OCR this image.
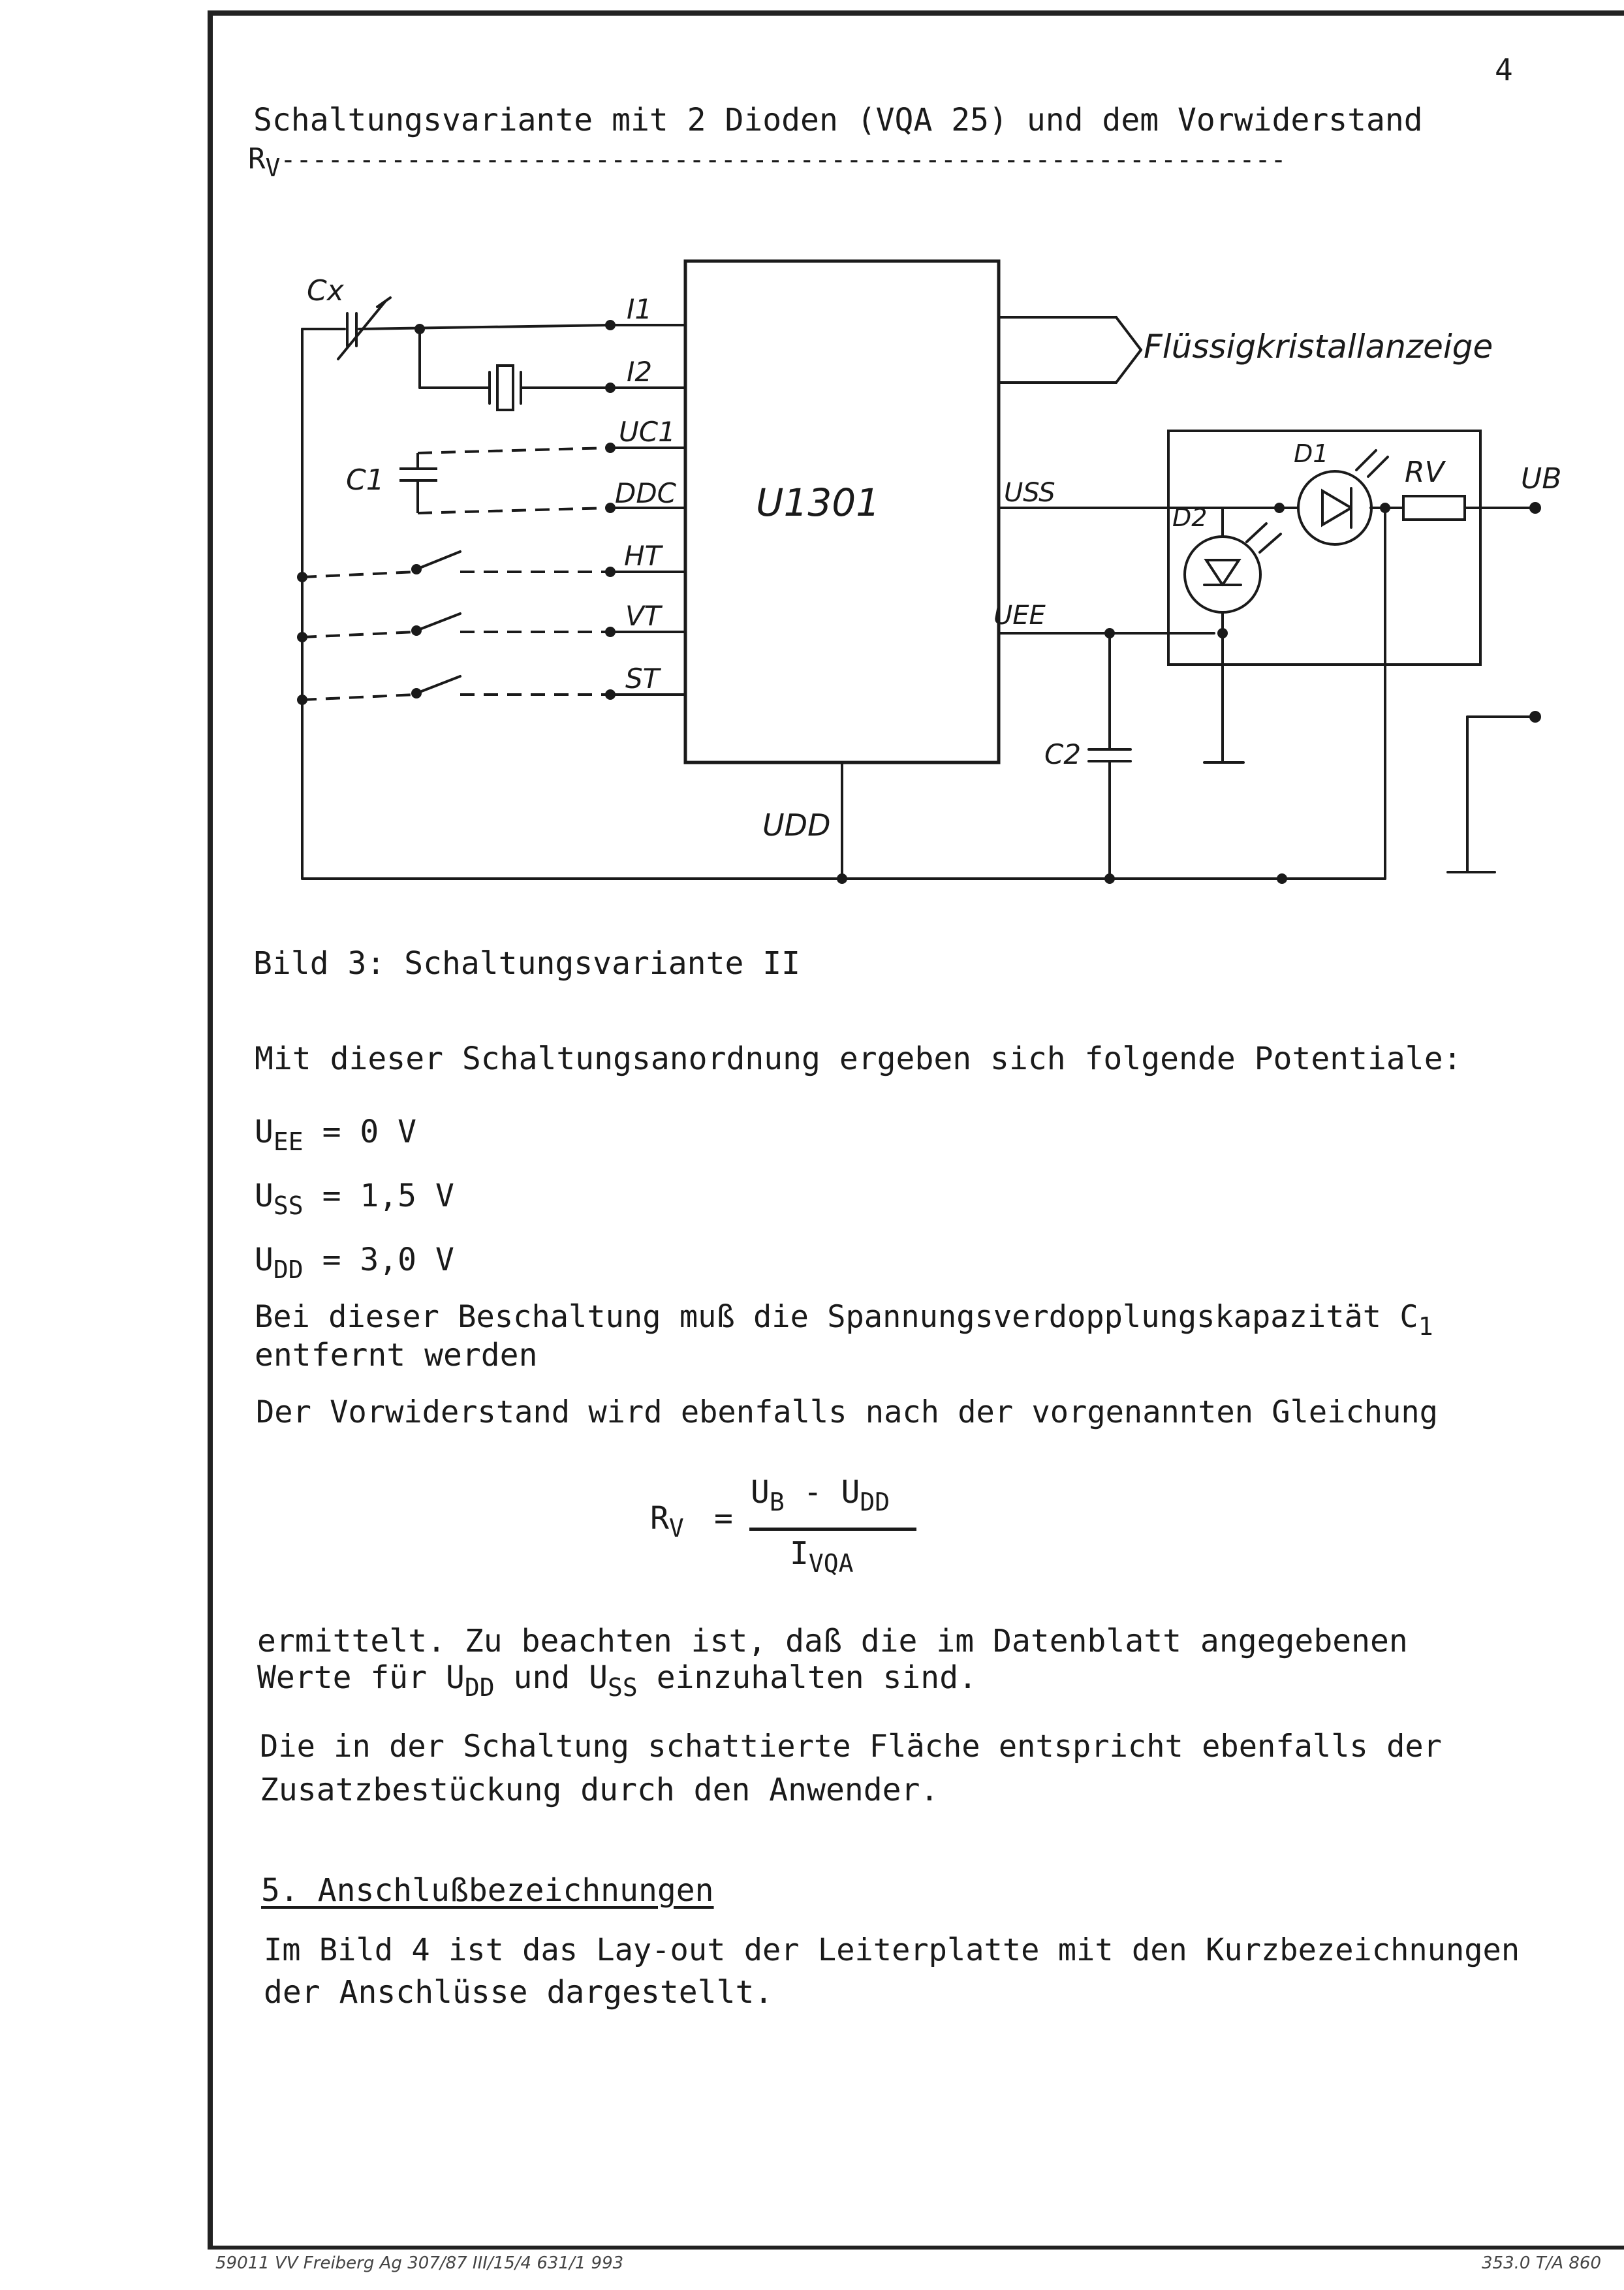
4
Schaltungsvariante mit 2 Dioden (VQA 25) und dem Vorwiderstand
$R_V----------------------------------------------------------------$
Cx
C1
U1301
I1
I2
UC1
DDC
HT
VT
ST
USS
UEE
UDD
Flüssigkristallanzeige
D1
D2
RV	UB
C2
Bild 3: Schaltungsvariante II
Mit dieser Schaltungsanordnung ergeben sich folgende Potentiale:
$U_{EE} = 0$ V
$U_{SS} = 1,5$ V
$U_{DD} = 3,0$ V
Bei dieser Beschaltung muß die Spannungsverdopplungskapazität $C_1$
entfernt werden
Der Vorwiderstand wird ebenfalls nach der vorgenannten Gleichung
$R_V$ =
$U_B - U_{DD}$
$I_{VQA}$
ermittelt. Zu beachten ist, daß die im Datenblatt angegebenen
Werte für $U_{DD}$ und $U_{SS}$ einzuhalten sind.
Die in der Schaltung schattierte Fläche entspricht ebenfalls der
Zusatzbestückung durch den Anwender.
5. Anschlußbezeichnungen
Im Bild 4 ist das Lay-out der Leiterplatte mit den Kurzbezeichnungen
der Anschlüsse dargestellt.
59011 VV Freiberg Ag 307/87 III/15/4 631/1 993	353.0 T/A 860
